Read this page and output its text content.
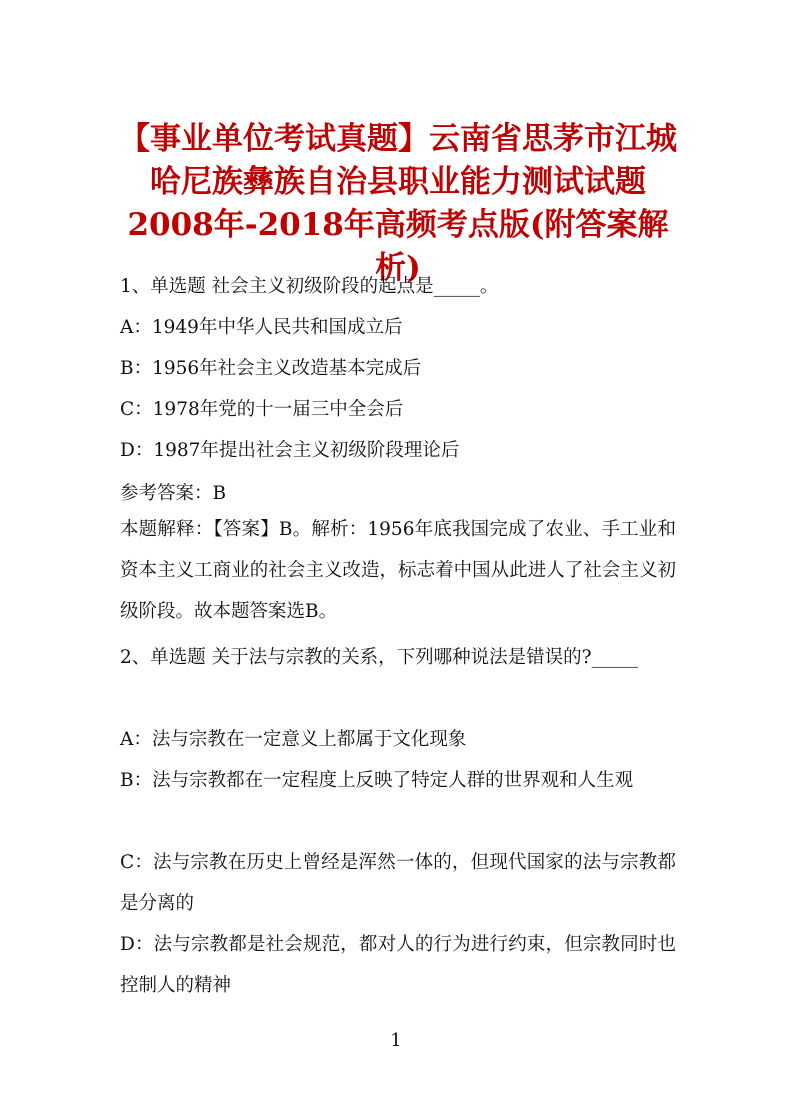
【事业单位考试真题】云南省思茅市江城哈尼族彝族自治县职业能力测试试题2008年-2018年高频考点版(附答案解析)

1、单选题 社会主义初级阶段的起点是_____。

A：1949年中华人民共和国成立后

B：1956年社会主义改造基本完成后

C：1978年党的十一届三中全会后

D：1987年提出社会主义初级阶段理论后

参考答案：B

本题解释：【答案】B。解析：1956年底我国完成了农业、手工业和资本主义工商业的社会主义改造，标志着中国从此进人了社会主义初级阶段。故本题答案选B。

2、单选题 关于法与宗教的关系，下列哪种说法是错误的?_____

A：法与宗教在一定意义上都属于文化现象

B：法与宗教都在一定程度上反映了特定人群的世界观和人生观

C：法与宗教在历史上曾经是浑然一体的，但现代国家的法与宗教都是分离的

D：法与宗教都是社会规范，都对人的行为进行约束，但宗教同时也控制人的精神

1
